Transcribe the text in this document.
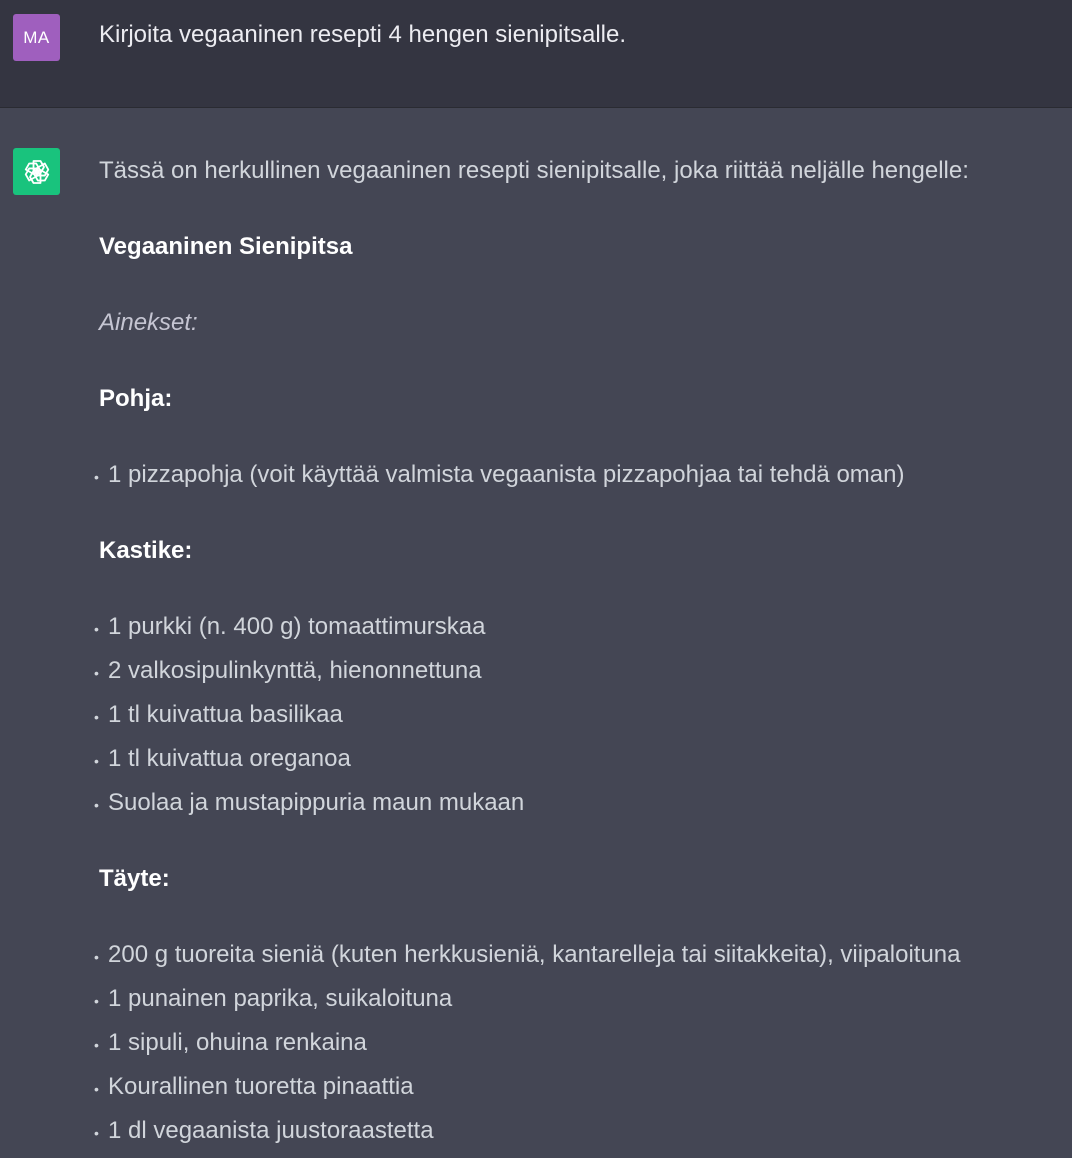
MA	Kirjoita vegaaninen resepti 4 hengen sienipitsalle.
Tässä on herkullinen vegaaninen resepti sienipitsalle, joka riittää neljälle hengelle:
Vegaaninen Sienipitsa
Ainekset:
Pohja:
• 1 pizzapohja (voit käyttää valmista vegaanista pizzapohjaa tai tehdä oman)
Kastike:
• 1 purkki (n. 400 g) tomaattimurskaa
• 2 valkosipulinkynttä, hienonnettuna
• 1 tl kuivattua basilikaa
• 1 tl kuivattua oreganoa
• Suolaa ja mustapippuria maun mukaan
Täyte:
• 200 g tuoreita sieniä (kuten herkkusieniä, kantarelleja tai siitakkeita), viipaloituna
• 1 punainen paprika, suikaloituna
• 1 sipuli, ohuina renkaina
• Kourallinen tuoretta pinaattia
• 1 dl vegaanista juustoraastetta
